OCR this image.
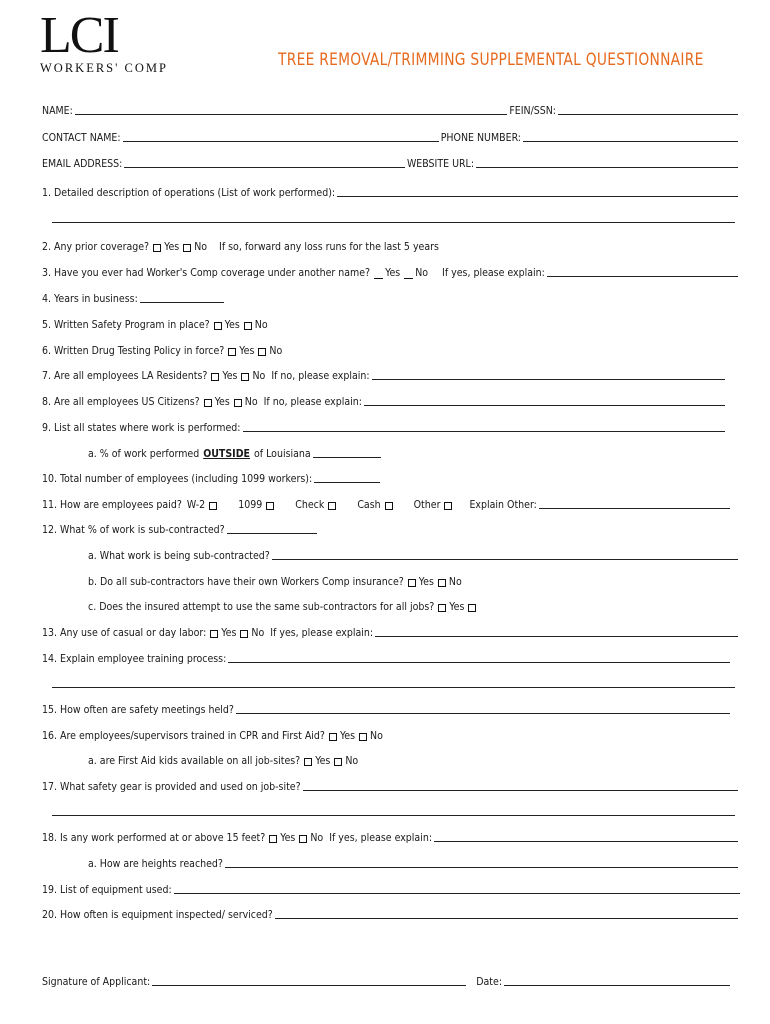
LCI
WORKERS' COMP	TREE REMOVAL/TRIMMING SUPPLEMENTAL QUESTIONNAIRE
NAME:	FEIN/SSN:
CONTACT NAME:	PHONE NUMBER:
EMAIL ADDRESS:	WEBSITE URL:
1. Detailed description of operations (List of work performed):
2. Any prior coverage? Yes No If so, forward any loss runs for the last 5 years
3. Have you ever had Worker's Comp coverage under another name? Yes No If yes, please explain:
4. Years in business:
5. Written Safety Program in place? Yes No
6. Written Drug Testing Policy in force? Yes No
7. Are all employees LA Residents? Yes No If no, please explain:
8. Are all employees US Citizens? Yes No If no, please explain:
9. List all states where work is performed:
a. % of work performed OUTSIDE of Louisiana
10. Total number of employees (including 1099 workers):
11. How are employees paid? W-2	1099	Check	Cash	Other	Explain Other:
12. What % of work is sub-contracted?
a. What work is being sub-contracted?
b. Do all sub-contractors have their own Workers Comp insurance? Yes No
c. Does the insured attempt to use the same sub-contractors for all jobs? Yes
13. Any use of casual or day labor: Yes No If yes, please explain:
14. Explain employee training process:
15. How often are safety meetings held?
16. Are employees/supervisors trained in CPR and First Aid? Yes No
a. are First Aid kids available on all job-sites? Yes No
17. What safety gear is provided and used on job-site?
18. Is any work performed at or above 15 feet? Yes No If yes, please explain:
a. How are heights reached?
19. List of equipment used:
20. How often is equipment inspected/ serviced?
Signature of Applicant:	Date:
